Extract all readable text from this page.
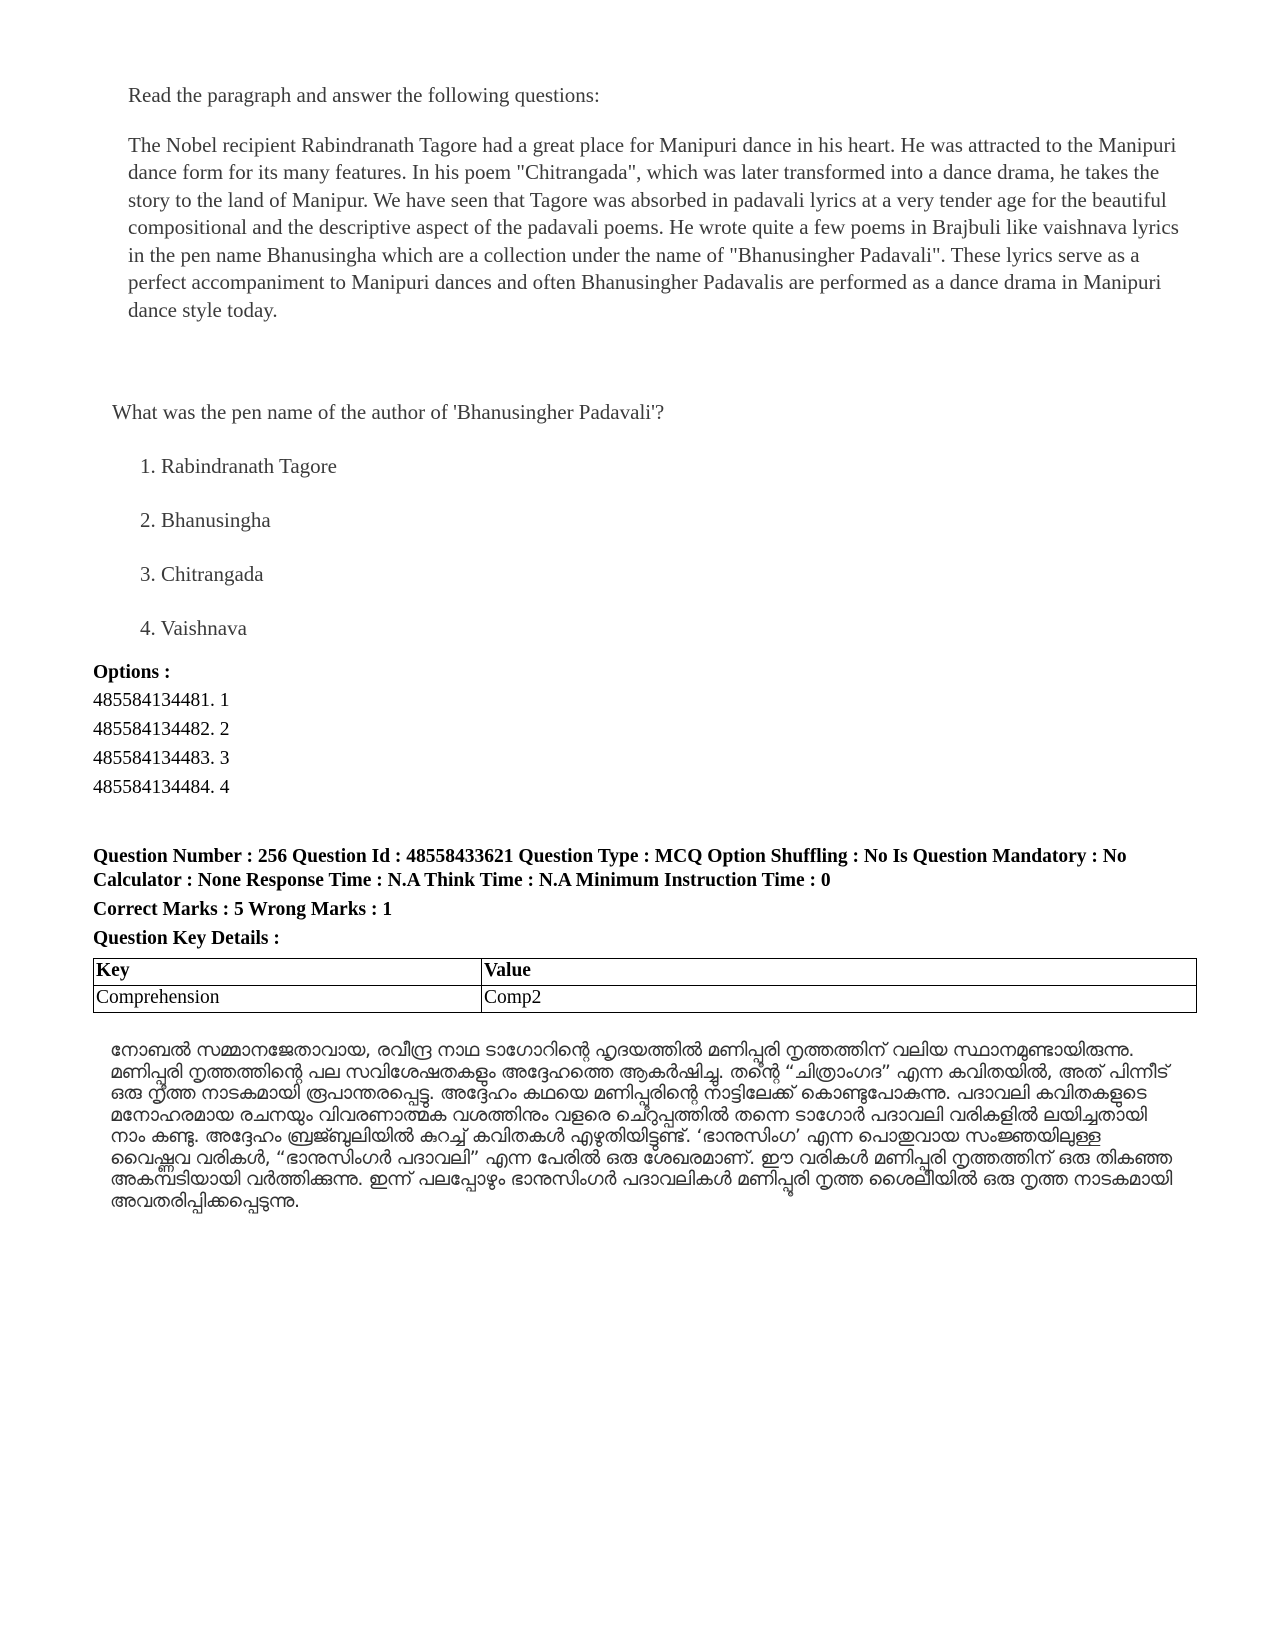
Read the paragraph and answer the following questions:

The Nobel recipient Rabindranath Tagore had a great place for Manipuri dance in his heart. He was attracted to the Manipuri dance form for its many features. In his poem "Chitrangada", which was later transformed into a dance drama, he takes the story to the land of Manipur. We have seen that Tagore was absorbed in padavali lyrics at a very tender age for the beautiful compositional and the descriptive aspect of the padavali poems. He wrote quite a few poems in Brajbuli like vaishnava lyrics in the pen name Bhanusingha which are a collection under the name of "Bhanusingher Padavali". These lyrics serve as a perfect accompaniment to Manipuri dances and often Bhanusingher Padavalis are performed as a dance drama in Manipuri dance style today.

What was the pen name of the author of 'Bhanusingher Padavali'?
1. Rabindranath Tagore
2. Bhanusingha
3. Chitrangada
4. Vaishnava
Options :
485584134481. 1
485584134482. 2
485584134483. 3
485584134484. 4
Question Number : 256 Question Id : 48558433621 Question Type : MCQ Option Shuffling : No Is Question Mandatory : No Calculator : None Response Time : N.A Think Time : N.A Minimum Instruction Time : 0
Correct Marks : 5 Wrong Marks : 1
Question Key Details :
Key	Value
Comprehension	Comp2
നോബൽ സമ്മാനജേതാവായ, രവീന്ദ്ര നാഥ ടാഗോറിന്റെ ഹൃദയത്തിൽ മണിപ്പൂരി നൃത്തത്തിന് വലിയ സ്ഥാനമുണ്ടായിരുന്നു. മണിപ്പൂരി നൃത്തത്തിന്റെ പല സവിശേഷതകളും അദ്ദേഹത്തെ ആകർഷിച്ചു. തന്റെ “ചിത്രാംഗദ” എന്ന കവിതയിൽ, അത് പിന്നീട് ഒരു നൃത്ത നാടകമായി രൂപാന്തരപ്പെട്ടു. അദ്ദേഹം കഥയെ മണിപ്പൂരിന്റെ നാട്ടിലേക്ക് കൊണ്ടുപോകുന്നു. പദാവലി കവിതകളുടെ മനോഹരമായ രചനയും വിവരണാത്മക വശത്തിനും വളരെ ചെറുപ്പത്തിൽ തന്നെ ടാഗോർ പദാവലി വരികളിൽ ലയിച്ചതായി നാം കണ്ടു. അദ്ദേഹം ബ്രജ്ബുലിയിൽ കുറച്ച് കവിതകൾ എഴുതിയിട്ടുണ്ട്. ‘ഭാനുസിംഗ’ എന്ന പൊതുവായ സംജ്ഞയിലുള്ള വൈഷ്ണവ വരികൾ, “ഭാനുസിംഗർ പദാവലി” എന്ന പേരിൽ ഒരു ശേഖരമാണ്. ഈ വരികൾ മണിപ്പൂരി നൃത്തത്തിന് ഒരു തികഞ്ഞ അകമ്പടിയായി വർത്തിക്കുന്നു. ഇന്ന് പലപ്പോഴും ഭാനുസിംഗർ പദാവലികൾ മണിപ്പൂരി നൃത്ത ശൈലിയിൽ ഒരു നൃത്ത നാടകമായി അവതരിപ്പിക്കപ്പെടുന്നു.
